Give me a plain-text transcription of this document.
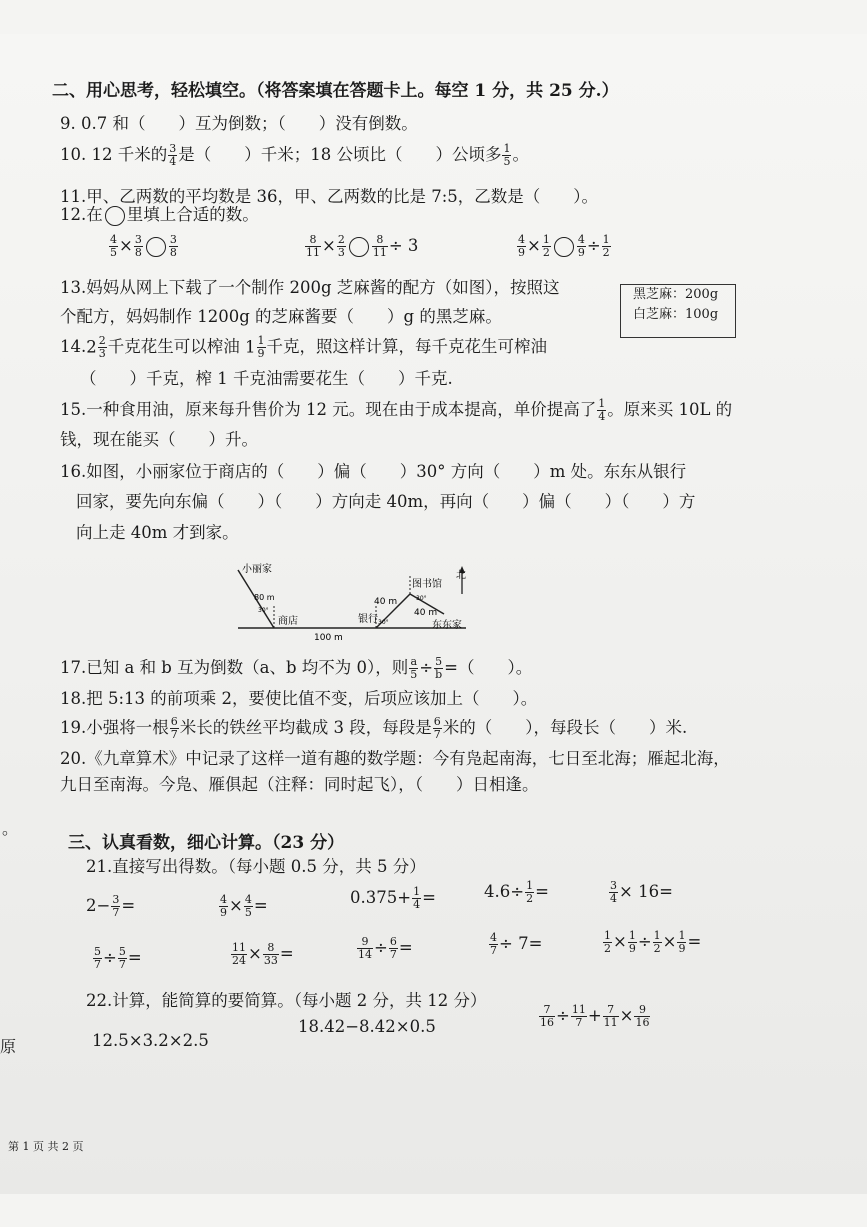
二、用心思考，轻松填空。（将答案填在答题卡上。每空 1 分，共 25 分.）
9. 0.7 和（　　）互为倒数；（　　）没有倒数。
10. 12 千米的 $\frac{3}{4}$ 是（　　）千米；18 公顷比（　　）公顷多 $\frac{1}{5}$ 。
11.甲、乙两数的平均数是 36，甲、乙两数的比是 7:5，乙数是（　　）。
12.在 里填上合适的数。
$\frac{4}{5} \times \frac{3}{8} \frac{3}{8}$	$\frac{8}{11} \times \frac{2}{3} \frac{8}{11} \div 3$	$\frac{4}{9} \times \frac{1}{2} \frac{4}{9} \div \frac{1}{2}$
13.妈妈从网上下载了一个制作 200g 芝麻酱的配方（如图），按照这
个配方，妈妈制作 1200g 的芝麻酱要（　　）g 的黑芝麻。
黑芝麻：200g
白芝麻：100g
$14.2 \frac{2}{3}$ 千克花生可以榨油 $1 \frac{1}{9}$ 千克，照这样计算，每千克花生可榨油
（　　）千克，榨 1 千克油需要花生（　　）千克.
15.一种食用油，原来每升售价为 12 元。现在由于成本提高，单价提高了 $\frac{1}{4}$ 。原来买 10L 的
钱，现在能买（　　）升。
16.如图，小丽家位于商店的（　　）偏（　　）30° 方向（　　）m 处。东东从银行
回家，要先向东偏（　　）（　　）方向走 40m，再向（　　）偏（　　）（　　）方
向上走 40m 才到家。
小丽家
80 m
30°
商店
100 m
银行 30°
40 m
图书馆
30°
40 m
东东家
北
17.已知 a 和 b 互为倒数（a、b 均不为 0），则 $\frac{a}{5} \div \frac{5}{b}$ =（　　）。
18.把 5:13 的前项乘 2，要使比值不变，后项应该加上（　　）。
19.小强将一根 $\frac{6}{7}$ 米长的铁丝平均截成 3 段，每段是 $\frac{6}{7}$ 米的（　　），每段长（　　）米.
20.《九章算术》中记录了这样一道有趣的数学题：今有凫起南海，七日至北海；雁起北海，
九日至南海。今凫、雁俱起（注释：同时起飞），（　　）日相逢。
三、认真看数，细心计算。（23 分）
21.直接写出得数。（每小题 0.5 分，共 5 分）
$2- \frac{3}{7}$ =	$\frac{4}{9} \times \frac{4}{5}$ =	$0.375+ \frac{1}{4}$ =	$4.6\div \frac{1}{2}$ =	$\frac{3}{4} \times 16=$
$\frac{5}{7} \div \frac{5}{7}$ =	$\frac{11}{24} \times \frac{8}{33}$ =	$\frac{9}{14} \div \frac{6}{7}$ =	$\frac{4}{7} \div 7=$	$\frac{1}{2} \times \frac{1}{9} \div \frac{1}{2} \times \frac{1}{9}$ =
22.计算，能简算的要简算。（每小题 2 分，共 12 分）
12.5×3.2×2.5
18.42−8.42×0.5	$\frac{7}{16} \div \frac{11}{7} + \frac{7}{11} \times \frac{9}{16}$
。
原
第 1 页 共 2 页
